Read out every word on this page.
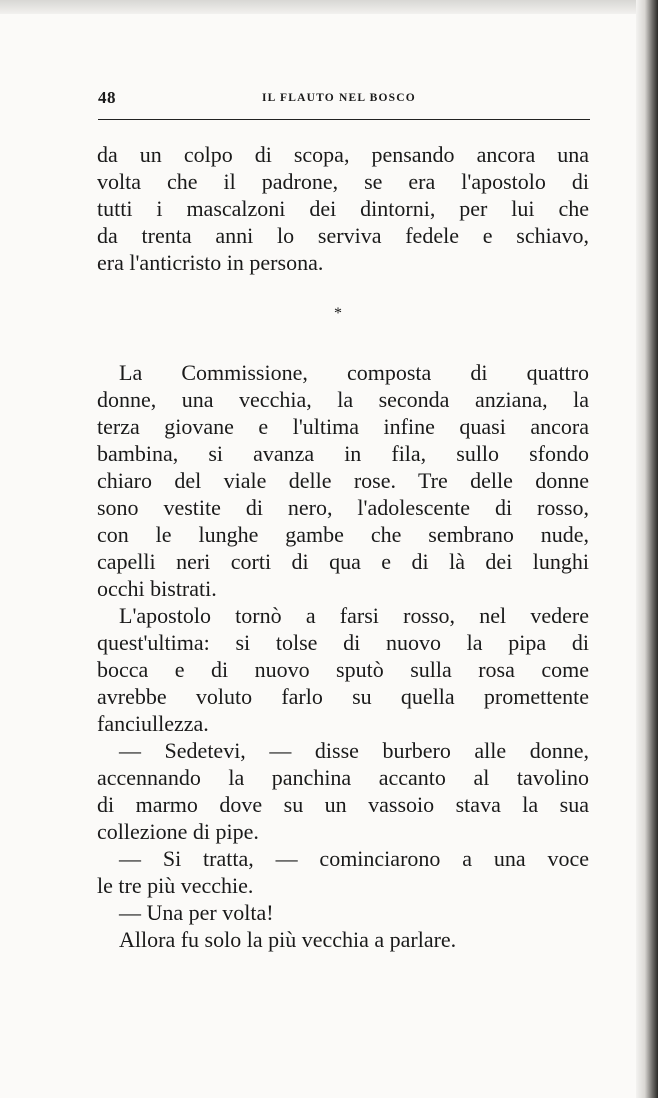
48	IL FLAUTO NEL BOSCO
da un colpo di scopa, pensando ancora una
volta che il padrone, se era l'apostolo di
tutti i mascalzoni dei dintorni, per lui che
da trenta anni lo serviva fedele e schiavo,
era l'anticristo in persona.
*
La Commissione, composta di quattro
donne, una vecchia, la seconda anziana, la
terza giovane e l'ultima infine quasi ancora
bambina, si avanza in fila, sullo sfondo
chiaro del viale delle rose. Tre delle donne
sono vestite di nero, l'adolescente di rosso,
con le lunghe gambe che sembrano nude,
capelli neri corti di qua e di là dei lunghi
occhi bistrati.
L'apostolo tornò a farsi rosso, nel vedere
quest'ultima: si tolse di nuovo la pipa di
bocca e di nuovo sputò sulla rosa come
avrebbe voluto farlo su quella promettente
fanciullezza.
— Sedetevi, — disse burbero alle donne,
accennando la panchina accanto al tavolino
di marmo dove su un vassoio stava la sua
collezione di pipe.
— Si tratta, — cominciarono a una voce
le tre più vecchie.
— Una per volta!
Allora fu solo la più vecchia a parlare.
